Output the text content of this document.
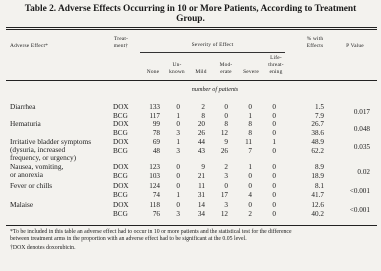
Table 2. Adverse Effects Occurring in 10 or More Patients, According to Treatment
Group.
Adverse Effect*
Treat-
ment†	Severity of Effect
None
Un-
known	Mild
Mod-
erate	Severe
Life-
threat-
ening
% with
Effects	P Value
number of patients
Diarrhea	DOX	133	0	2	0	0	0	1.5
BCG	117	1	8	0	1	0	7.9	0.017
Hematuria	DOX	99	0	20	8	8	0	26.7
BCG	78	3	26	12	8	0	38.6	0.048
Irritative bladder symptoms
(dysuria, increased
frequency, or urgency)
DOX	69	1	44	9	11	1	48.9
BCG	48	3	43	26	7	0	62.2	0.035
Nausea, vomiting,
or anorexia
DOX	123	0	9	2	1	0	8.9
BCG	103	0	21	3	0	0	18.9	0.02
Fever or chills	DOX	124	0	11	0	0	0	8.1
BCG	74	1	31	17	4	0	41.7	<0.001
Malaise	DOX	118	0	14	3	0	0	12.6
BCG	76	3	34	12	2	0	40.2	<0.001
*To be included in this table an adverse effect had to occur in 10 or more patients and the statistical test for the difference
between treatment arms in the proportion with an adverse effect had to be significant at the 0.05 level.
†DOX denotes doxorubicin.
